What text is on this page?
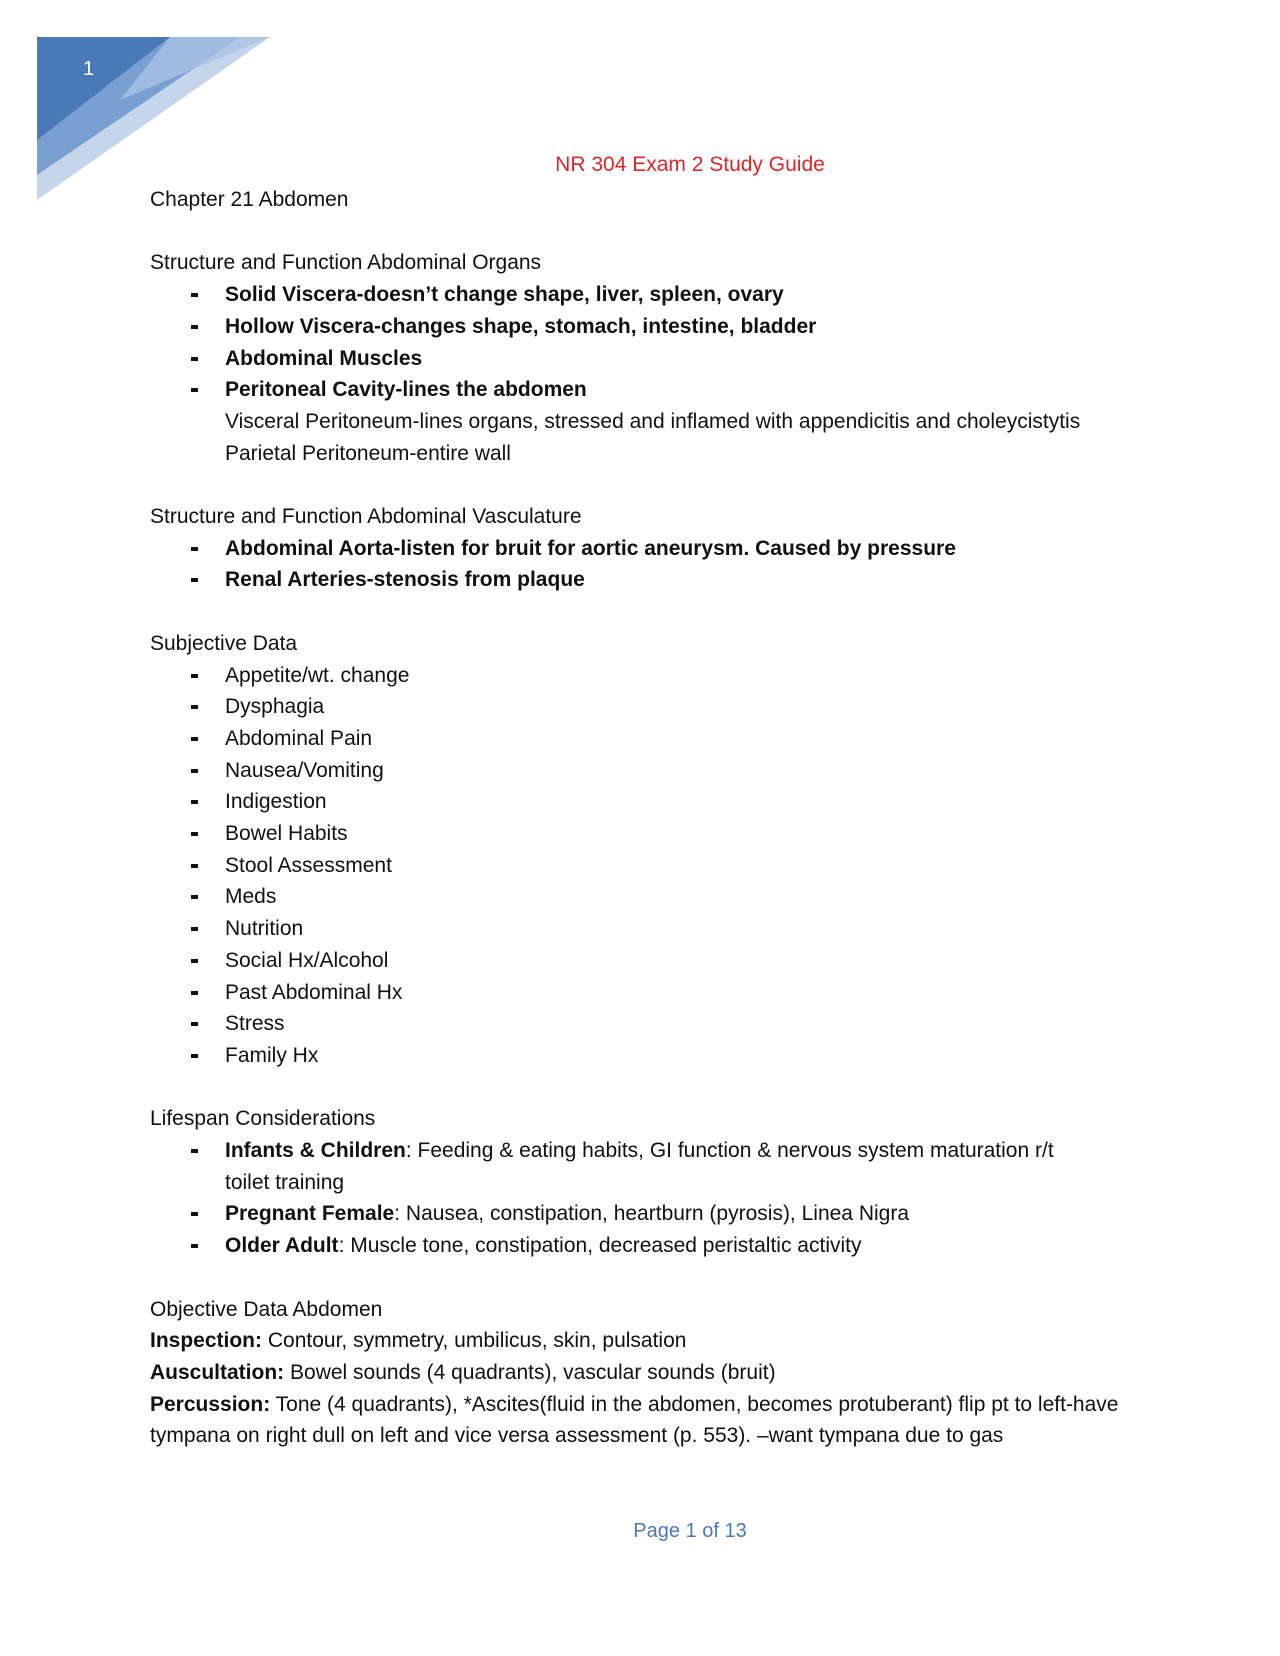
1
NR 304 Exam 2 Study Guide
Chapter 21 Abdomen
Structure and Function Abdominal Organs
Solid Viscera-doesn’t change shape, liver, spleen, ovary
Hollow Viscera-changes shape, stomach, intestine, bladder
Abdominal Muscles
Peritoneal Cavity-lines the abdomen
Visceral Peritoneum-lines organs, stressed and inflamed with appendicitis and choleycistytis
Parietal Peritoneum-entire wall
Structure and Function Abdominal Vasculature
Abdominal Aorta-listen for bruit for aortic aneurysm. Caused by pressure
Renal Arteries-stenosis from plaque
Subjective Data
Appetite/wt. change
Dysphagia
Abdominal Pain
Nausea/Vomiting
Indigestion
Bowel Habits
Stool Assessment
Meds
Nutrition
Social Hx/Alcohol
Past Abdominal Hx
Stress
Family Hx
Lifespan Considerations
Infants & Children: Feeding & eating habits, GI function & nervous system maturation r/t toilet training
Pregnant Female: Nausea, constipation, heartburn (pyrosis), Linea Nigra
Older Adult: Muscle tone, constipation, decreased peristaltic activity
Objective Data Abdomen
Inspection: Contour, symmetry, umbilicus, skin, pulsation
Auscultation: Bowel sounds (4 quadrants), vascular sounds (bruit)
Percussion: Tone (4 quadrants), *Ascites(fluid in the abdomen, becomes protuberant) flip pt to left-have tympana on right dull on left and vice versa assessment (p. 553). –want tympana due to gas
Page 1 of 13
